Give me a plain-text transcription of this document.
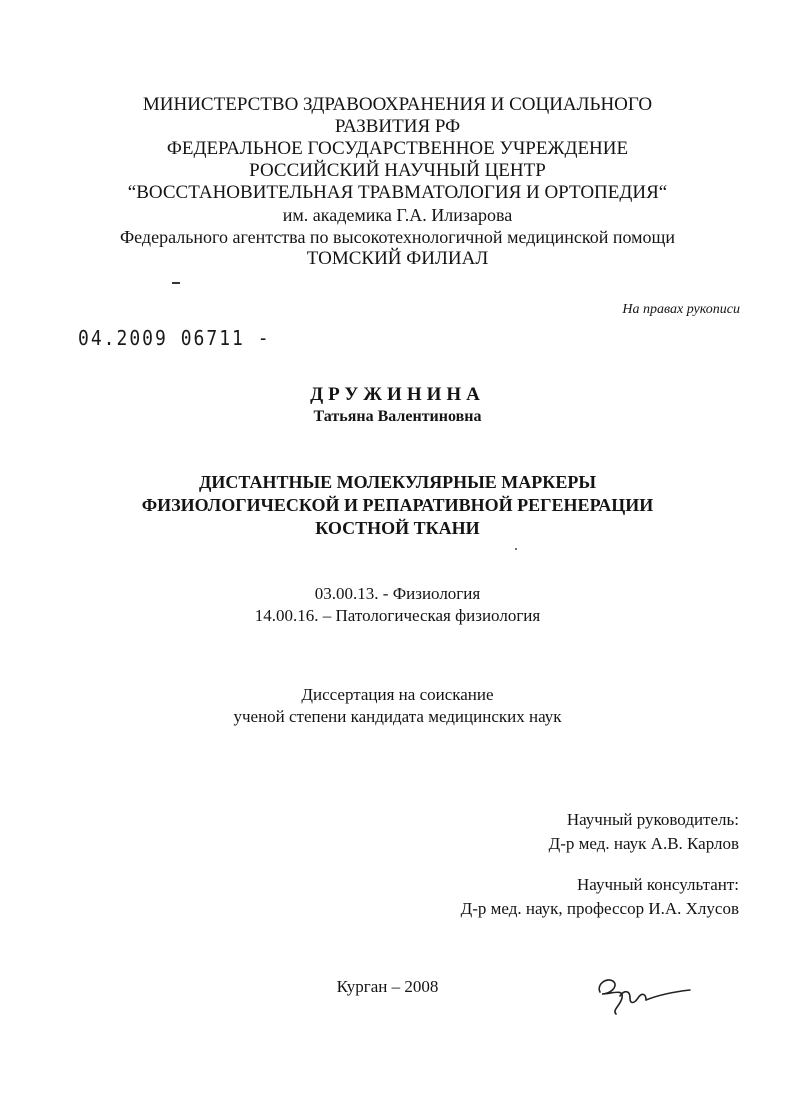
МИНИСТЕРСТВО ЗДРАВООХРАНЕНИЯ И СОЦИАЛЬНОГО
РАЗВИТИЯ РФ
ФЕДЕРАЛЬНОЕ ГОСУДАРСТВЕННОЕ УЧРЕЖДЕНИЕ
РОССИЙСКИЙ НАУЧНЫЙ ЦЕНТР
“ВОССТАНОВИТЕЛЬНАЯ ТРАВМАТОЛОГИЯ И ОРТОПЕДИЯ“
им. академика Г.А. Илизарова
Федерального агентства по высокотехнологичной медицинской помощи
ТОМСКИЙ ФИЛИАЛ
На правах рукописи
04.2009 06711 -
ДРУЖИНИНА
Татьяна Валентиновна
ДИСТАНТНЫЕ МОЛЕКУЛЯРНЫЕ МАРКЕРЫ
ФИЗИОЛОГИЧЕСКОЙ И РЕПАРАТИВНОЙ РЕГЕНЕРАЦИИ
КОСТНОЙ ТКАНИ
03.00.13. - Физиология
14.00.16. – Патологическая физиология
Диссертация на соискание
ученой степени кандидата медицинских наук
Научный руководитель:
Д-р мед. наук А.В. Карлов
Научный консультант:
Д-р мед. наук, профессор И.А. Хлусов
Курган – 2008
